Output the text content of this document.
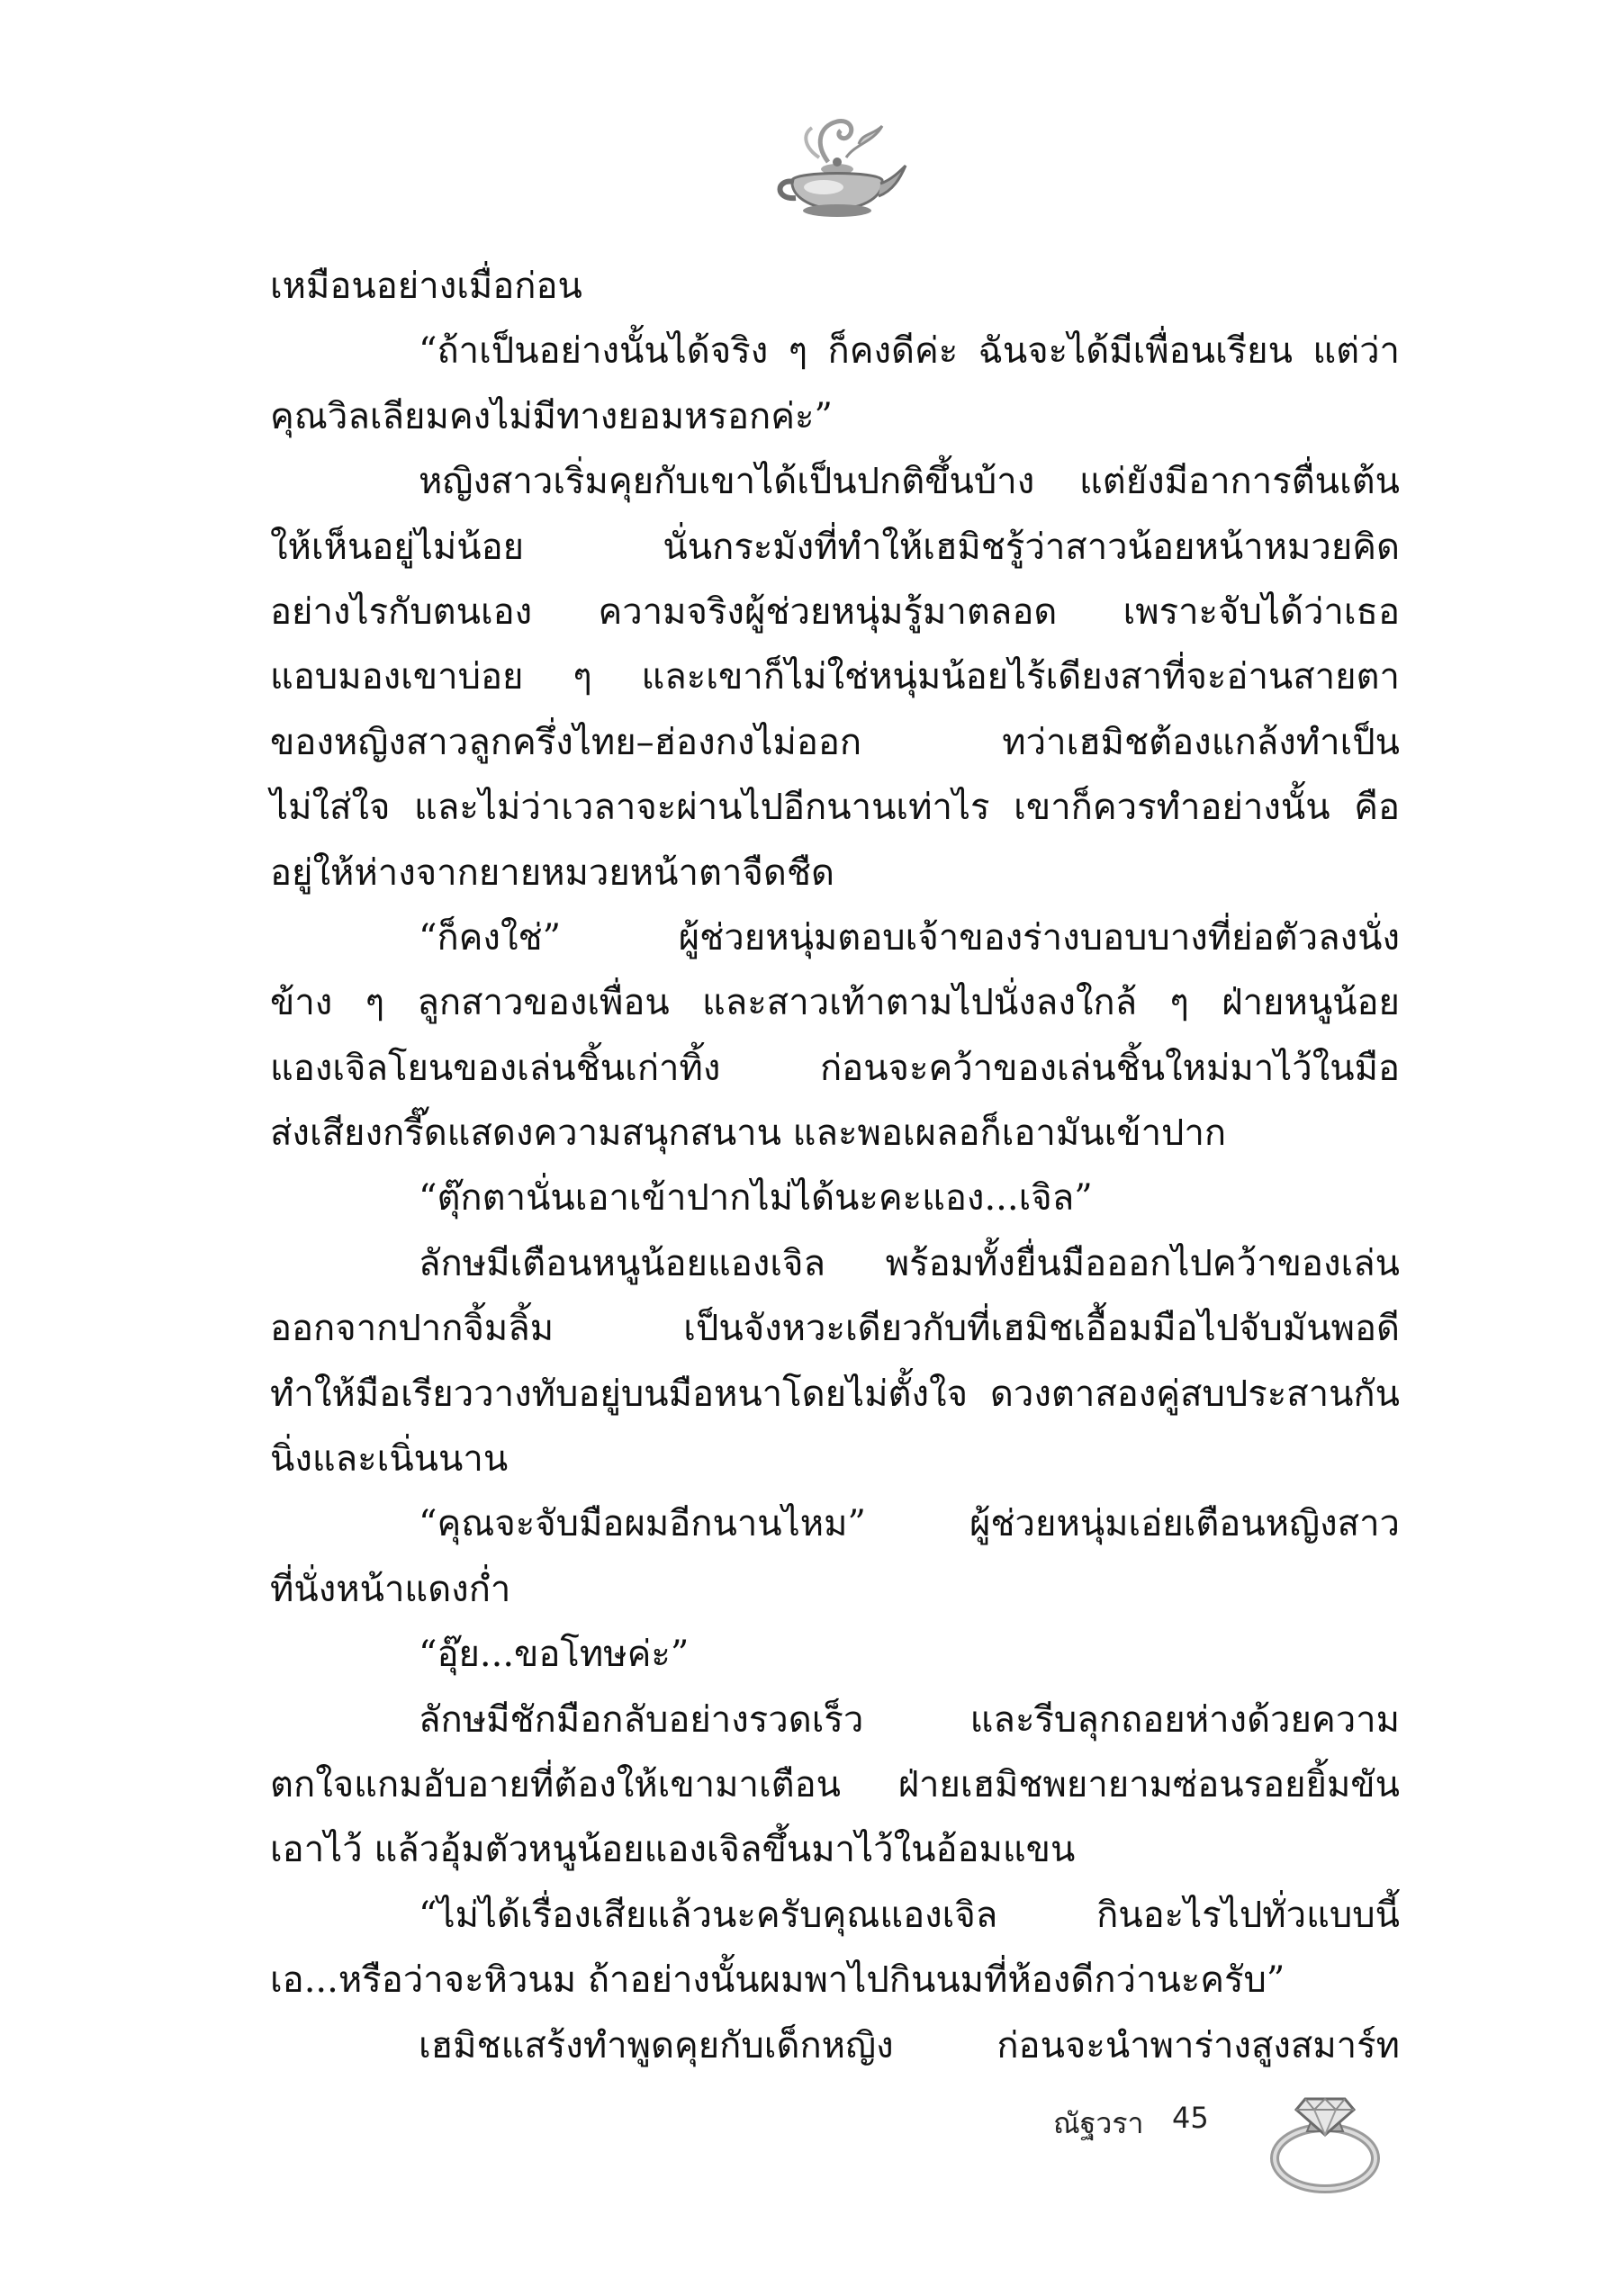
เหมือนอย่างเมื่อก่อน
“ถ้าเป็นอย่างนั้นได้จริง ๆ ก็คงดีค่ะ ฉันจะได้มีเพื่อนเรียน แต่ว่า
คุณวิลเลียมคงไม่มีทางยอมหรอกค่ะ”
หญิงสาวเริ่มคุยกับเขาได้เป็นปกติขึ้นบ้าง แต่ยังมีอาการตื่นเต้น
ให้เห็นอยู่ไม่น้อย นั่นกระมังที่ทำให้เฮมิชรู้ว่าสาวน้อยหน้าหมวยคิด
อย่างไรกับตนเอง ความจริงผู้ช่วยหนุ่มรู้มาตลอด เพราะจับได้ว่าเธอ
แอบมองเขาบ่อย ๆ และเขาก็ไม่ใช่หนุ่มน้อยไร้เดียงสาที่จะอ่านสายตา
ของหญิงสาวลูกครึ่งไทย–ฮ่องกงไม่ออก ทว่าเฮมิชต้องแกล้งทำเป็น
ไม่ใส่ใจ และไม่ว่าเวลาจะผ่านไปอีกนานเท่าไร เขาก็ควรทำอย่างนั้น คือ
อยู่ให้ห่างจากยายหมวยหน้าตาจืดชืด
“ก็คงใช่” ผู้ช่วยหนุ่มตอบเจ้าของร่างบอบบางที่ย่อตัวลงนั่ง
ข้าง ๆ ลูกสาวของเพื่อน และสาวเท้าตามไปนั่งลงใกล้ ๆ ฝ่ายหนูน้อย
แองเจิลโยนของเล่นชิ้นเก่าทิ้ง ก่อนจะคว้าของเล่นชิ้นใหม่มาไว้ในมือ
ส่งเสียงกรี๊ดแสดงความสนุกสนาน และพอเผลอก็เอามันเข้าปาก
“ตุ๊กตานั่นเอาเข้าปากไม่ได้นะคะแอง...เจิล”
ลักษมีเตือนหนูน้อยแองเจิล พร้อมทั้งยื่นมือออกไปคว้าของเล่น
ออกจากปากจิ้มลิ้ม เป็นจังหวะเดียวกับที่เฮมิชเอื้อมมือไปจับมันพอดี
ทำให้มือเรียววางทับอยู่บนมือหนาโดยไม่ตั้งใจ ดวงตาสองคู่สบประสานกัน
นิ่งและเนิ่นนาน
“คุณจะจับมือผมอีกนานไหม” ผู้ช่วยหนุ่มเอ่ยเตือนหญิงสาว
ที่นั่งหน้าแดงก่ำ
“อุ๊ย...ขอโทษค่ะ”
ลักษมีชักมือกลับอย่างรวดเร็ว และรีบลุกถอยห่างด้วยความ
ตกใจแกมอับอายที่ต้องให้เขามาเตือน ฝ่ายเฮมิชพยายามซ่อนรอยยิ้มขัน
เอาไว้ แล้วอุ้มตัวหนูน้อยแองเจิลขึ้นมาไว้ในอ้อมแขน
“ไม่ได้เรื่องเสียแล้วนะครับคุณแองเจิล กินอะไรไปทั่วแบบนี้
เอ...หรือว่าจะหิวนม ถ้าอย่างนั้นผมพาไปกินนมที่ห้องดีกว่านะครับ”
เฮมิชแสร้งทำพูดคุยกับเด็กหญิง ก่อนจะนำพาร่างสูงสมาร์ท
ณัฐวรา 45
